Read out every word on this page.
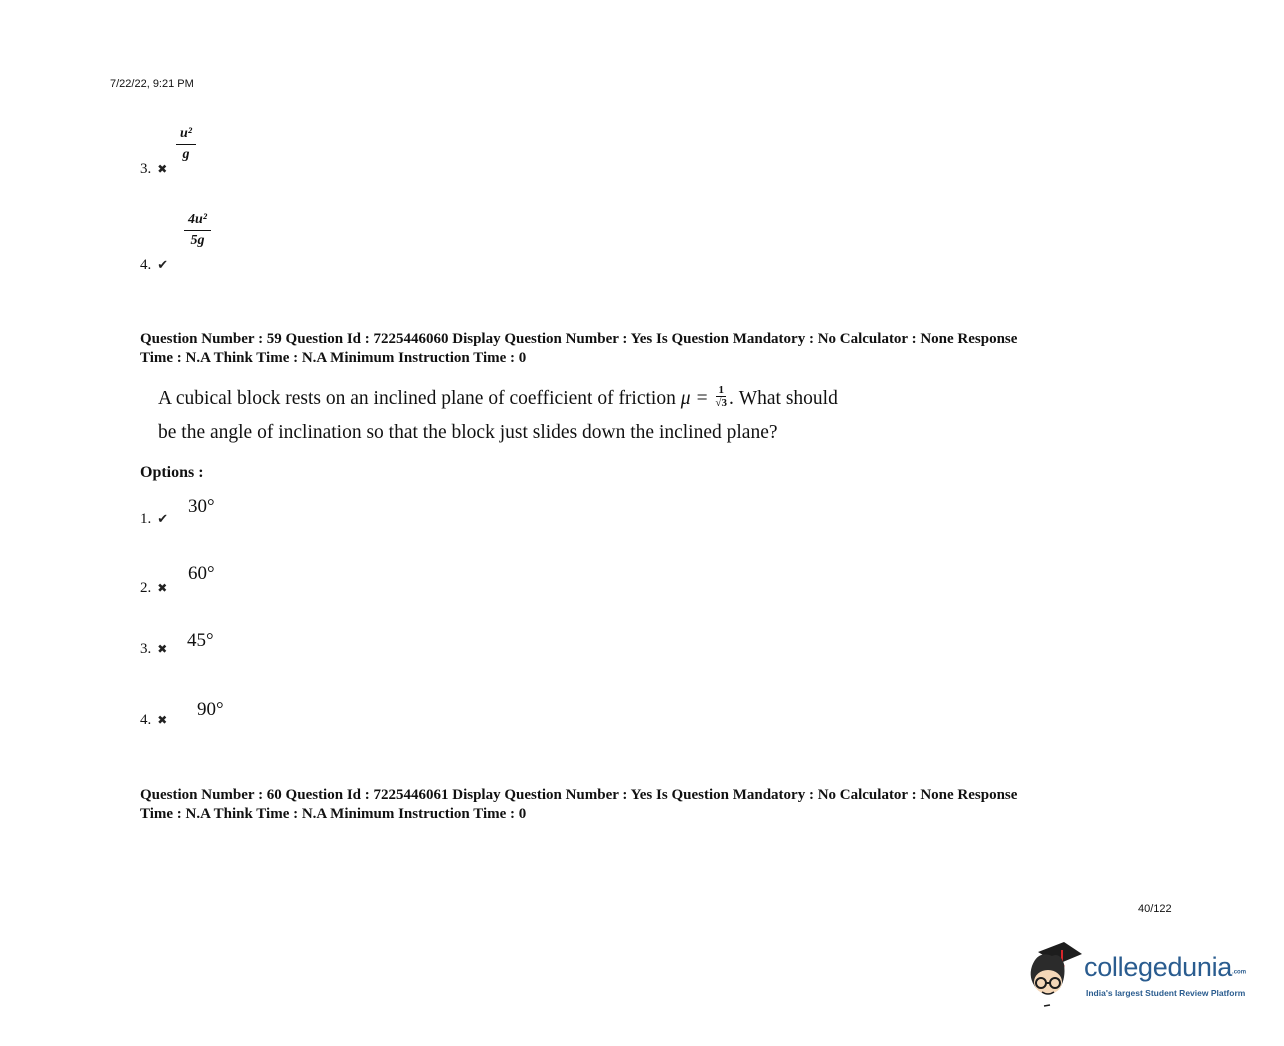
7/22/22, 9:21 PM
3. ✖
$\frac{\text{u²}}{g}$
4. ✔
$\frac{\text{4u²}}{5g}$
Question Number : 59 Question Id : 7225446060 Display Question Number : Yes Is Question Mandatory : No Calculator : None Response
Time : N.A Think Time : N.A Minimum Instruction Time : 0
A cubical block rests on an inclined plane of coefficient of friction $\mu = \frac{1}{√3}$ . What should
be the angle of inclination so that the block just slides down the inclined plane?
Options :
1. ✔
30°
2. ✖
60°
3. ✖ 45°
4. ✖ 90°
Question Number : 60 Question Id : 7225446061 Display Question Number : Yes Is Question Mandatory : No Calculator : None Response
Time : N.A Think Time : N.A Minimum Instruction Time : 0
40/122
collegedunia.com
India's largest Student Review Platform
